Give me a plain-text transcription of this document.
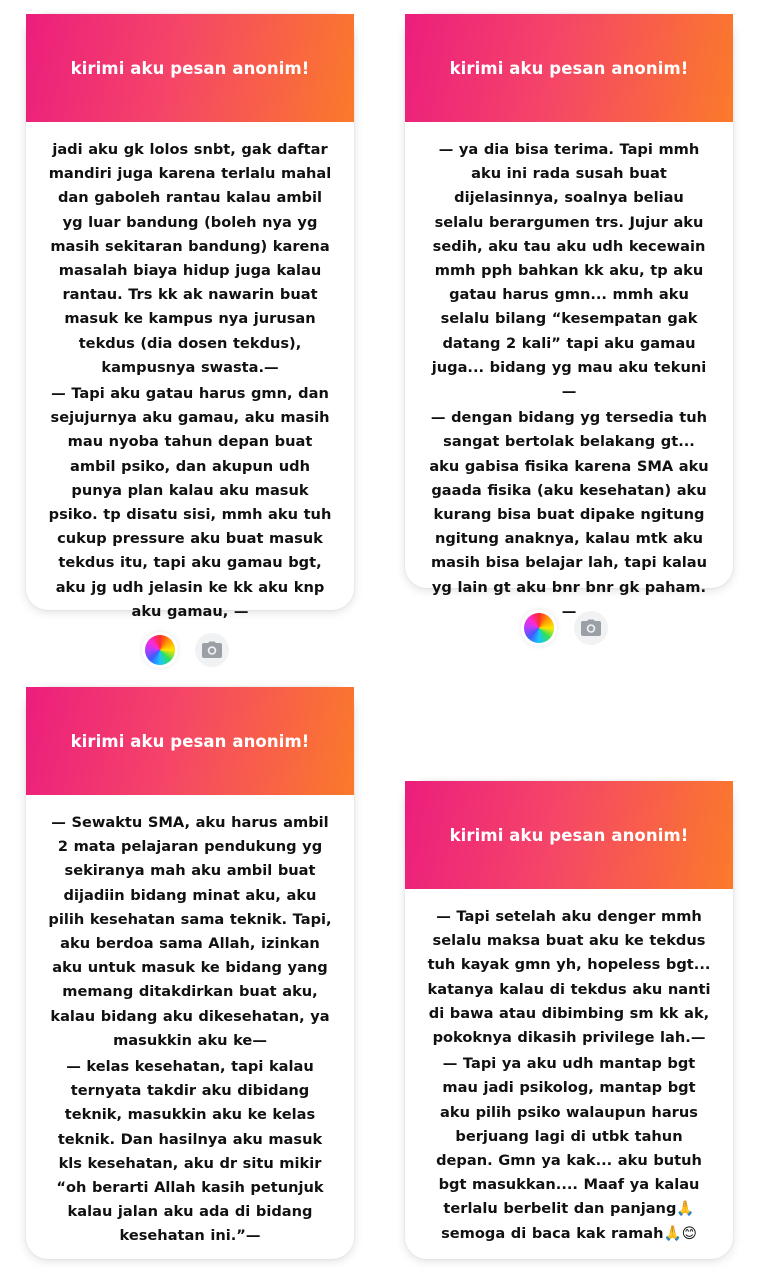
kirimi aku pesan anonim!

jadi aku gk lolos snbt, gak daftar mandiri juga karena terlalu mahal dan gaboleh rantau kalau ambil yg luar bandung (boleh nya yg masih sekitaran bandung) karena masalah biaya hidup juga kalau rantau. Trs kk ak nawarin buat masuk ke kampus nya jurusan tekdus (dia dosen tekdus), kampusnya swasta.—

— Tapi aku gatau harus gmn, dan sejujurnya aku gamau, aku masih mau nyoba tahun depan buat ambil psiko, dan akupun udh punya plan kalau aku masuk psiko. tp disatu sisi, mmh aku tuh cukup pressure aku buat masuk tekdus itu, tapi aku gamau bgt, aku jg udh jelasin ke kk aku knp aku gamau, —

kirimi aku pesan anonim!

— ya dia bisa terima. Tapi mmh aku ini rada susah buat dijelasinnya, soalnya beliau selalu berargumen trs. Jujur aku sedih, aku tau aku udh kecewain mmh pph bahkan kk aku, tp aku gatau harus gmn... mmh aku selalu bilang “kesempatan gak datang 2 kali” tapi aku gamau juga... bidang yg mau aku tekuni—

— dengan bidang yg tersedia tuh sangat bertolak belakang gt... aku gabisa fisika karena SMA aku gaada fisika (aku kesehatan) aku kurang bisa buat dipake ngitung ngitung anaknya, kalau mtk aku masih bisa belajar lah, tapi kalau yg lain gt aku bnr bnr gk paham.—

kirimi aku pesan anonim!

— Sewaktu SMA, aku harus ambil 2 mata pelajaran pendukung yg sekiranya mah aku ambil buat dijadiin bidang minat aku, aku pilih kesehatan sama teknik. Tapi, aku berdoa sama Allah, izinkan aku untuk masuk ke bidang yang memang ditakdirkan buat aku, kalau bidang aku dikesehatan, ya masukkin aku ke—

— kelas kesehatan, tapi kalau ternyata takdir aku dibidang teknik, masukkin aku ke kelas teknik. Dan hasilnya aku masuk kls kesehatan, aku dr situ mikir “oh berarti Allah kasih petunjuk kalau jalan aku ada di bidang kesehatan ini.”—

kirimi aku pesan anonim!

— Tapi setelah aku denger mmh selalu maksa buat aku ke tekdus tuh kayak gmn yh, hopeless bgt... katanya kalau di tekdus aku nanti di bawa atau dibimbing sm kk ak, pokoknya dikasih privilege lah.—

— Tapi ya aku udh mantap bgt mau jadi psikolog, mantap bgt aku pilih psiko walaupun harus berjuang lagi di utbk tahun depan. Gmn ya kak... aku butuh bgt masukkan.... Maaf ya kalau terlalu berbelit dan panjang🙏 semoga di baca kak ramah🙏😊
